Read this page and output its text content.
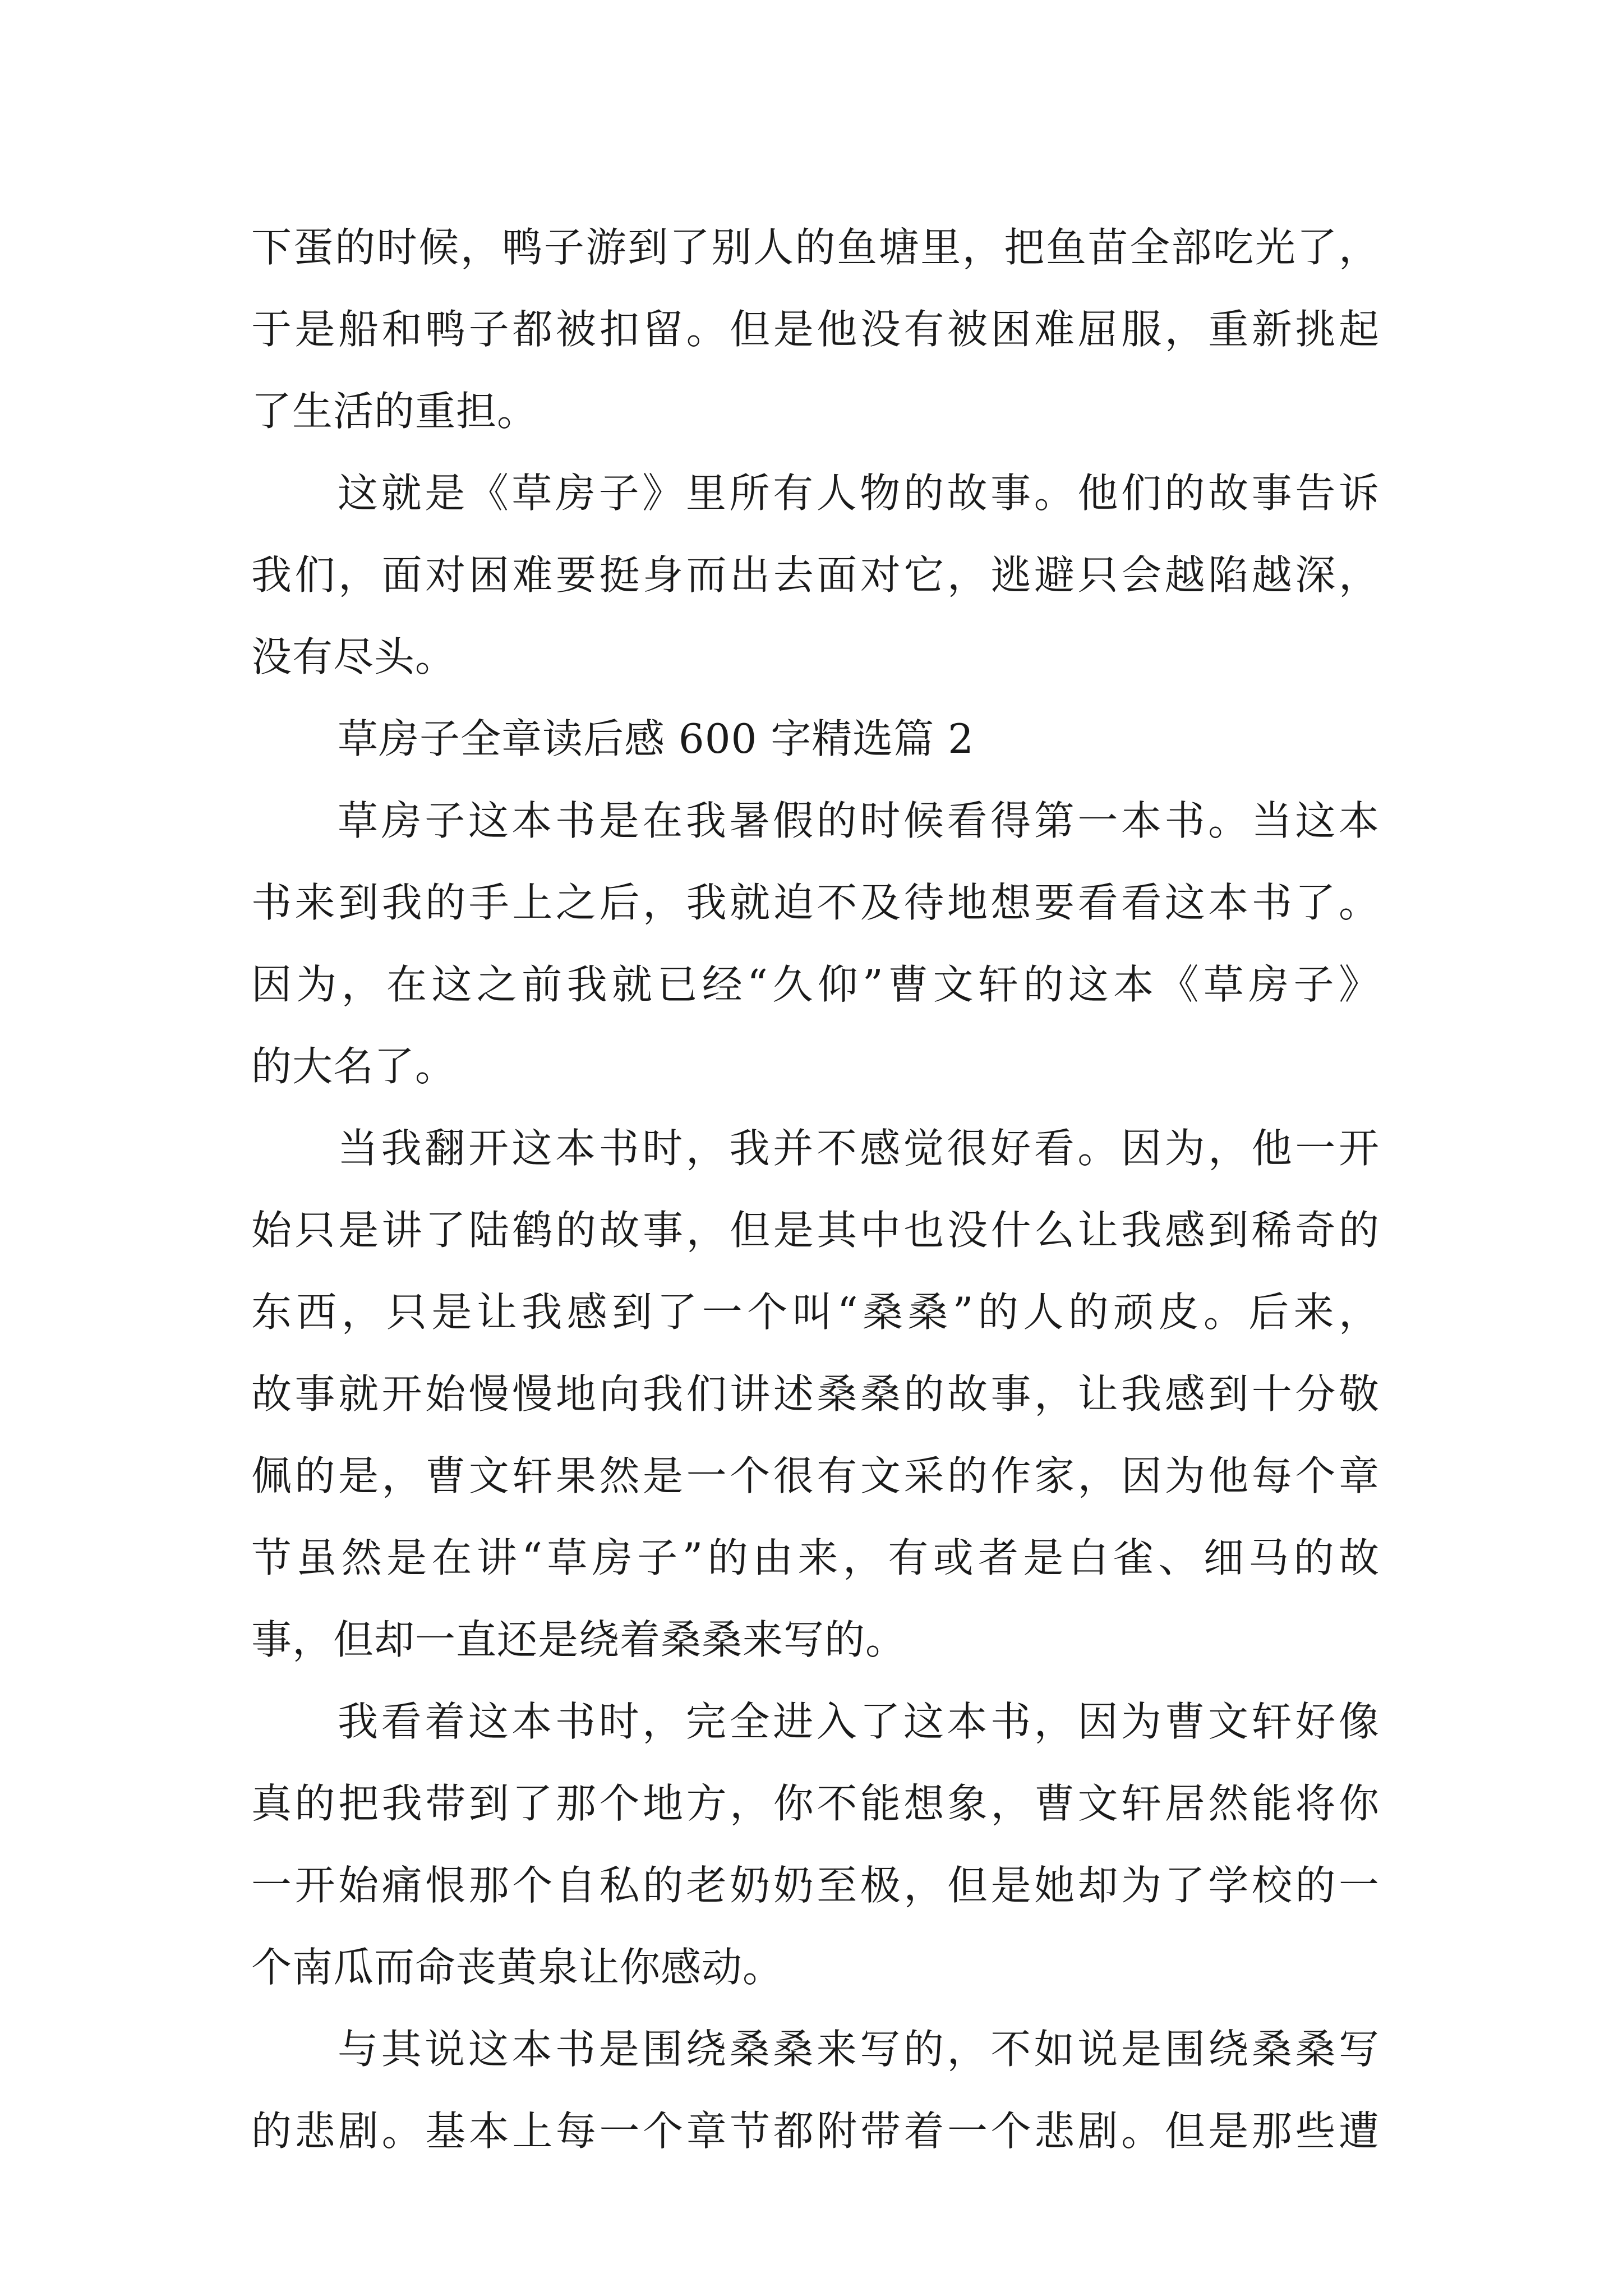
下蛋的时候，鸭子游到了别人的鱼塘里，把鱼苗全部吃光了，
于是船和鸭子都被扣留。但是他没有被困难屈服，重新挑起
了生活的重担。
这就是《草房子》里所有人物的故事。他们的故事告诉
我们，面对困难要挺身而出去面对它，逃避只会越陷越深，
没有尽头。
草房子全章读后感 600 字精选篇 2
草房子这本书是在我暑假的时候看得第一本书。当这本
书来到我的手上之后，我就迫不及待地想要看看这本书了。
因为，在这之前我就已经“久仰”曹文轩的这本《草房子》
的大名了。
当我翻开这本书时，我并不感觉很好看。因为，他一开
始只是讲了陆鹤的故事，但是其中也没什么让我感到稀奇的
东西，只是让我感到了一个叫“桑桑”的人的顽皮。后来，
故事就开始慢慢地向我们讲述桑桑的故事，让我感到十分敬
佩的是，曹文轩果然是一个很有文采的作家，因为他每个章
节虽然是在讲“草房子”的由来，有或者是白雀、细马的故
事，但却一直还是绕着桑桑来写的。
我看着这本书时，完全进入了这本书，因为曹文轩好像
真的把我带到了那个地方，你不能想象，曹文轩居然能将你
一开始痛恨那个自私的老奶奶至极，但是她却为了学校的一
个南瓜而命丧黄泉让你感动。
与其说这本书是围绕桑桑来写的，不如说是围绕桑桑写
的悲剧。基本上每一个章节都附带着一个悲剧。但是那些遭
